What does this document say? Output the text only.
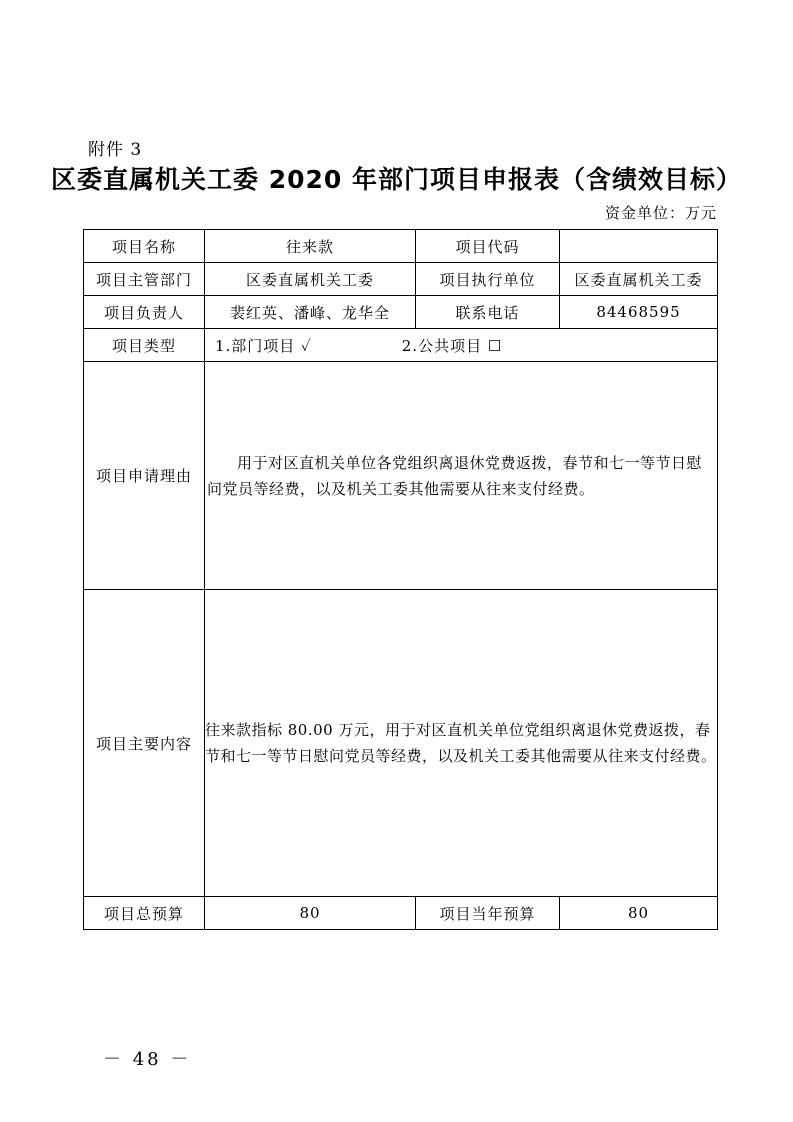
附件 3
区委直属机关工委 2020 年部门项目申报表（含绩效目标）
资金单位：万元
项目名称	往来款	项目代码	
项目主管部门	区委直属机关工委	项目执行单位	区委直属机关工委
项目负责人	裴红英、潘峰、龙华全	联系电话	84468595
项目类型	1.部门项目 ✓ 2.公共项目 ☐		
项目申请理由	用于对区直机关单位各党组织离退休党费返拨，春节和七一等节日慰问党员等经费，以及机关工委其他需要从往来支付经费。		

项目主要内容	往来款指标 80.00 万元，用于对区直机关单位党组织离退休党费返拨，春节和七一等节日慰问党员等经费，以及机关工委其他需要从往来支付经费。		

项目总预算	80	项目当年预算	80
－ 48 －
